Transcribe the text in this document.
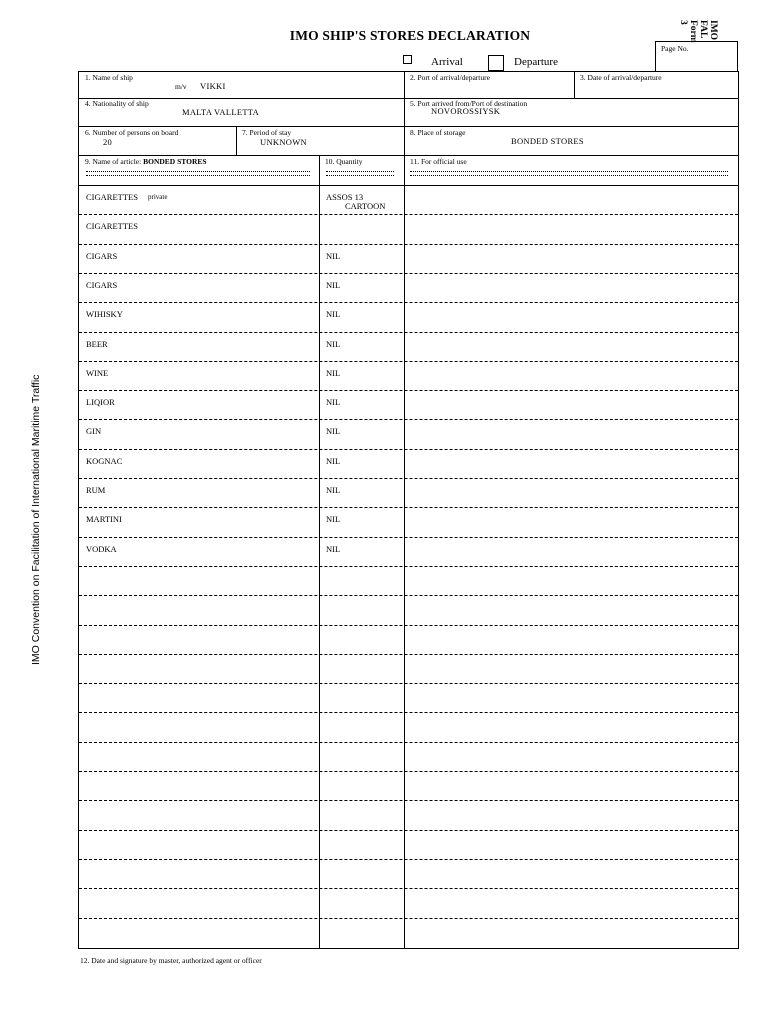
IMO SHIP'S STORES DECLARATION	IMO
FAL
Form
3
IMO Convention on Facilitation of International Maritime Traffic
Page No.
Arrival	Departure
1. Name of ship
m/v VIKKI
2. Port of arrival/departure	3. Date of arrival/departure
4. Nationality of ship
MALTA VALLETTA
5. Port arrived from/Port of destination
NOVOROSSIYSK
6. Number of persons on board
20
7. Period of stay
UNKNOWN
8. Place of storage
BONDED STORES
9. Name of article: BONDED STORES	10. Quantity	11. For official use
CIGARETTES private	ASSOS 13
CARTOON
CIGARETTES
CIGARS	NIL
CIGARS	NIL
WIHISKY	NIL
BEER	NIL
WINE	NIL
LIQIOR	NIL
GIN	NIL
KOGNAC	NIL
RUM	NIL
MARTINI	NIL
VODKA	NIL
12. Date and signature by master, authorized agent or officer
